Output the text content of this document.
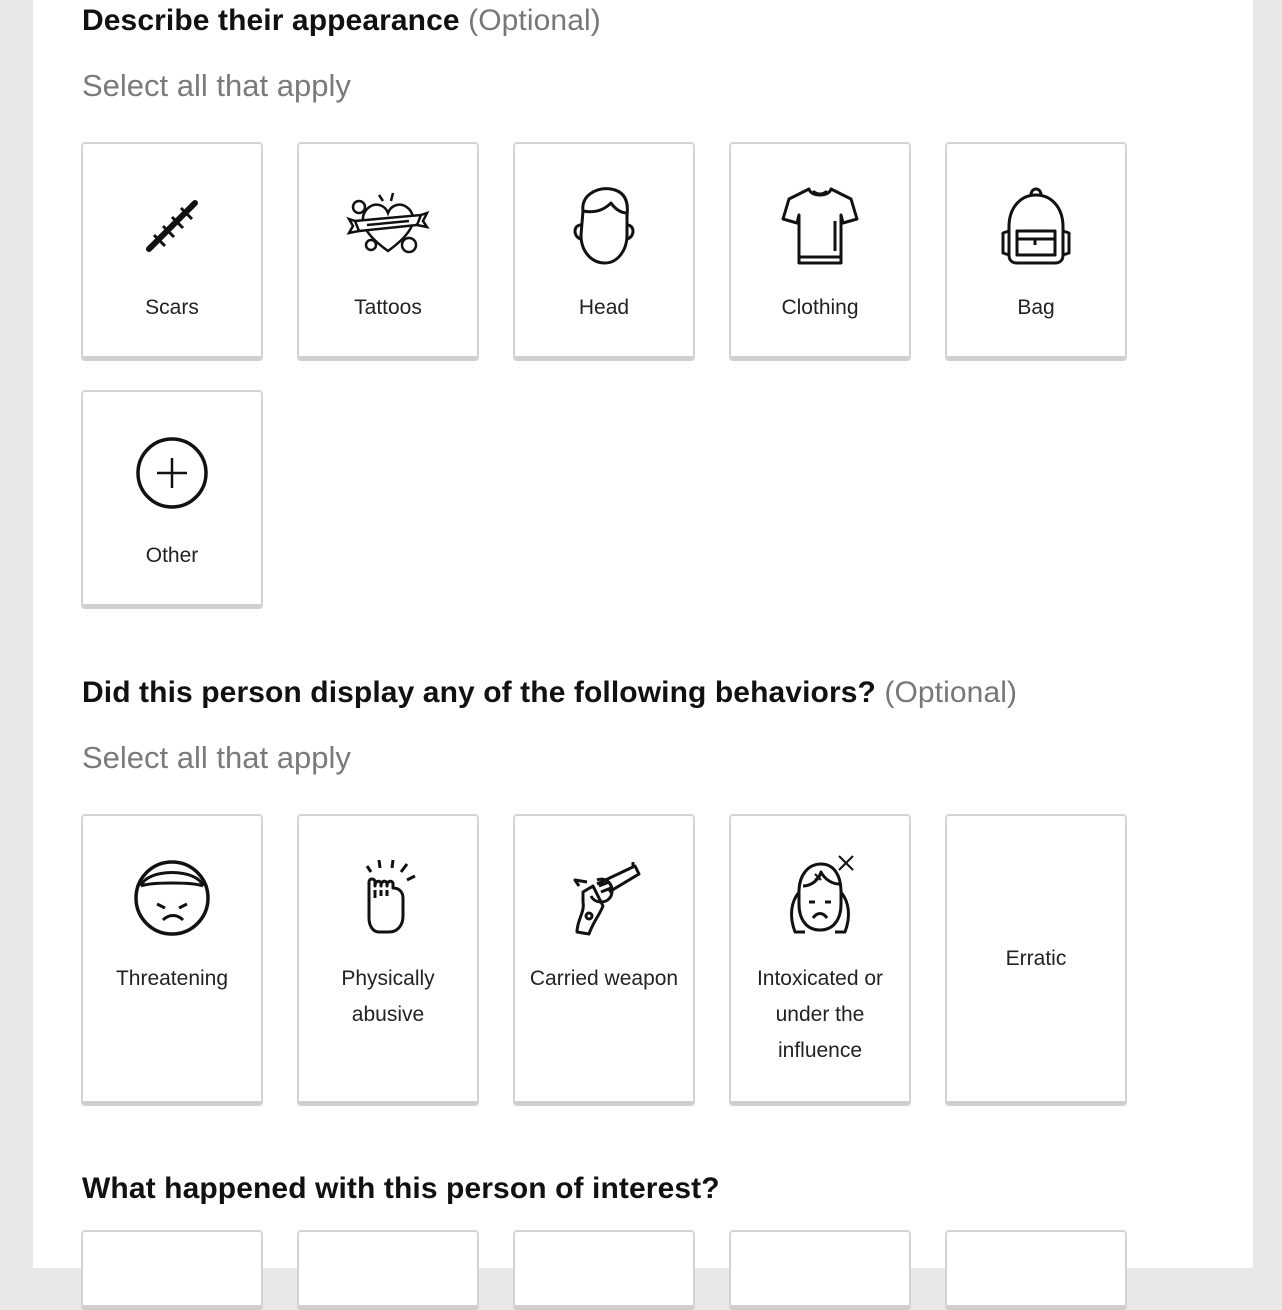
Describe their appearance (Optional)

Select all that apply

Scars	Tattoos	Head	Clothing	Bag
Other
Did this person display any of the following behaviors? (Optional)

Select all that apply

Threatening	Physically abusive
Carried weapon	Intoxicated or under the influence
Erratic
What happened with this person of interest?
